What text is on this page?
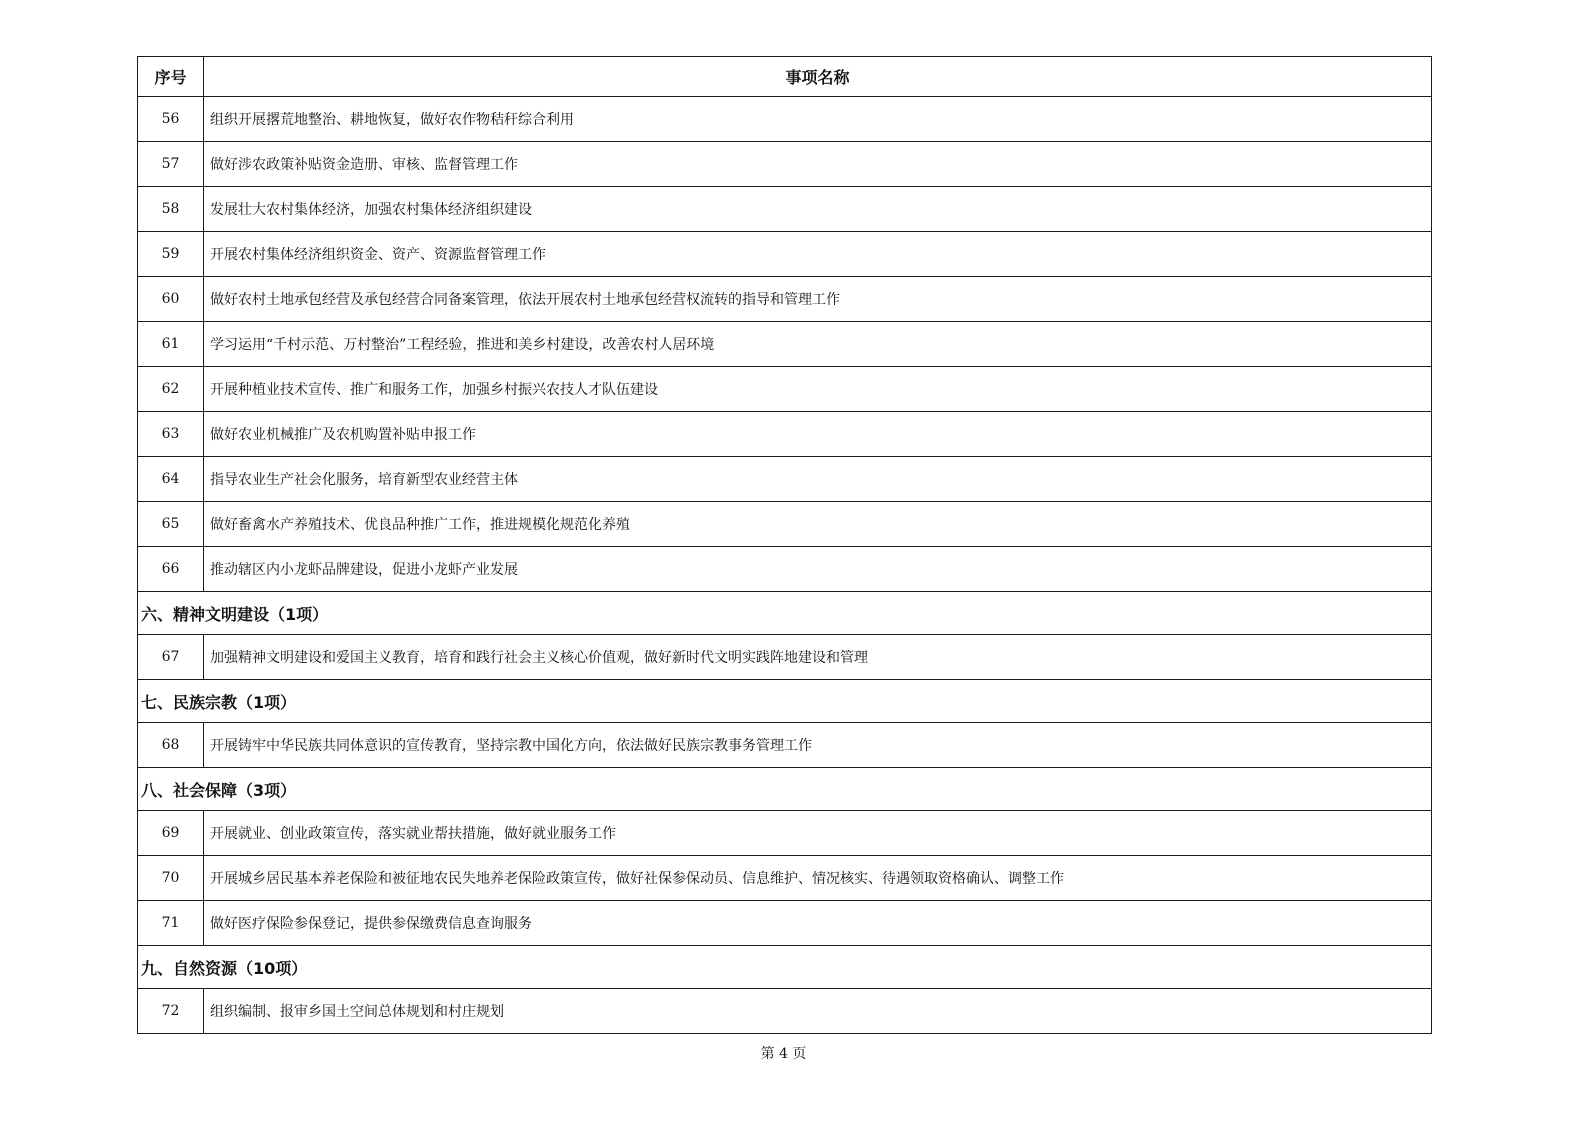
序号	事项名称
56	组织开展撂荒地整治、耕地恢复，做好农作物秸秆综合利用
57	做好涉农政策补贴资金造册、审核、监督管理工作
58	发展壮大农村集体经济，加强农村集体经济组织建设
59	开展农村集体经济组织资金、资产、资源监督管理工作
60	做好农村土地承包经营及承包经营合同备案管理，依法开展农村土地承包经营权流转的指导和管理工作
61	学习运用“千村示范、万村整治”工程经验，推进和美乡村建设，改善农村人居环境
62	开展种植业技术宣传、推广和服务工作，加强乡村振兴农技人才队伍建设
63	做好农业机械推广及农机购置补贴申报工作
64	指导农业生产社会化服务，培育新型农业经营主体
65	做好畜禽水产养殖技术、优良品种推广工作，推进规模化规范化养殖
66	推动辖区内小龙虾品牌建设，促进小龙虾产业发展
六、精神文明建设（1项）	
67	加强精神文明建设和爱国主义教育，培育和践行社会主义核心价值观，做好新时代文明实践阵地建设和管理
七、民族宗教（1项）	
68	开展铸牢中华民族共同体意识的宣传教育，坚持宗教中国化方向，依法做好民族宗教事务管理工作
八、社会保障（3项）	
69	开展就业、创业政策宣传，落实就业帮扶措施，做好就业服务工作
70	开展城乡居民基本养老保险和被征地农民失地养老保险政策宣传，做好社保参保动员、信息维护、情况核实、待遇领取资格确认、调整工作
71	做好医疗保险参保登记，提供参保缴费信息查询服务
九、自然资源（10项）	
72	组织编制、报审乡国土空间总体规划和村庄规划
第 4 页
